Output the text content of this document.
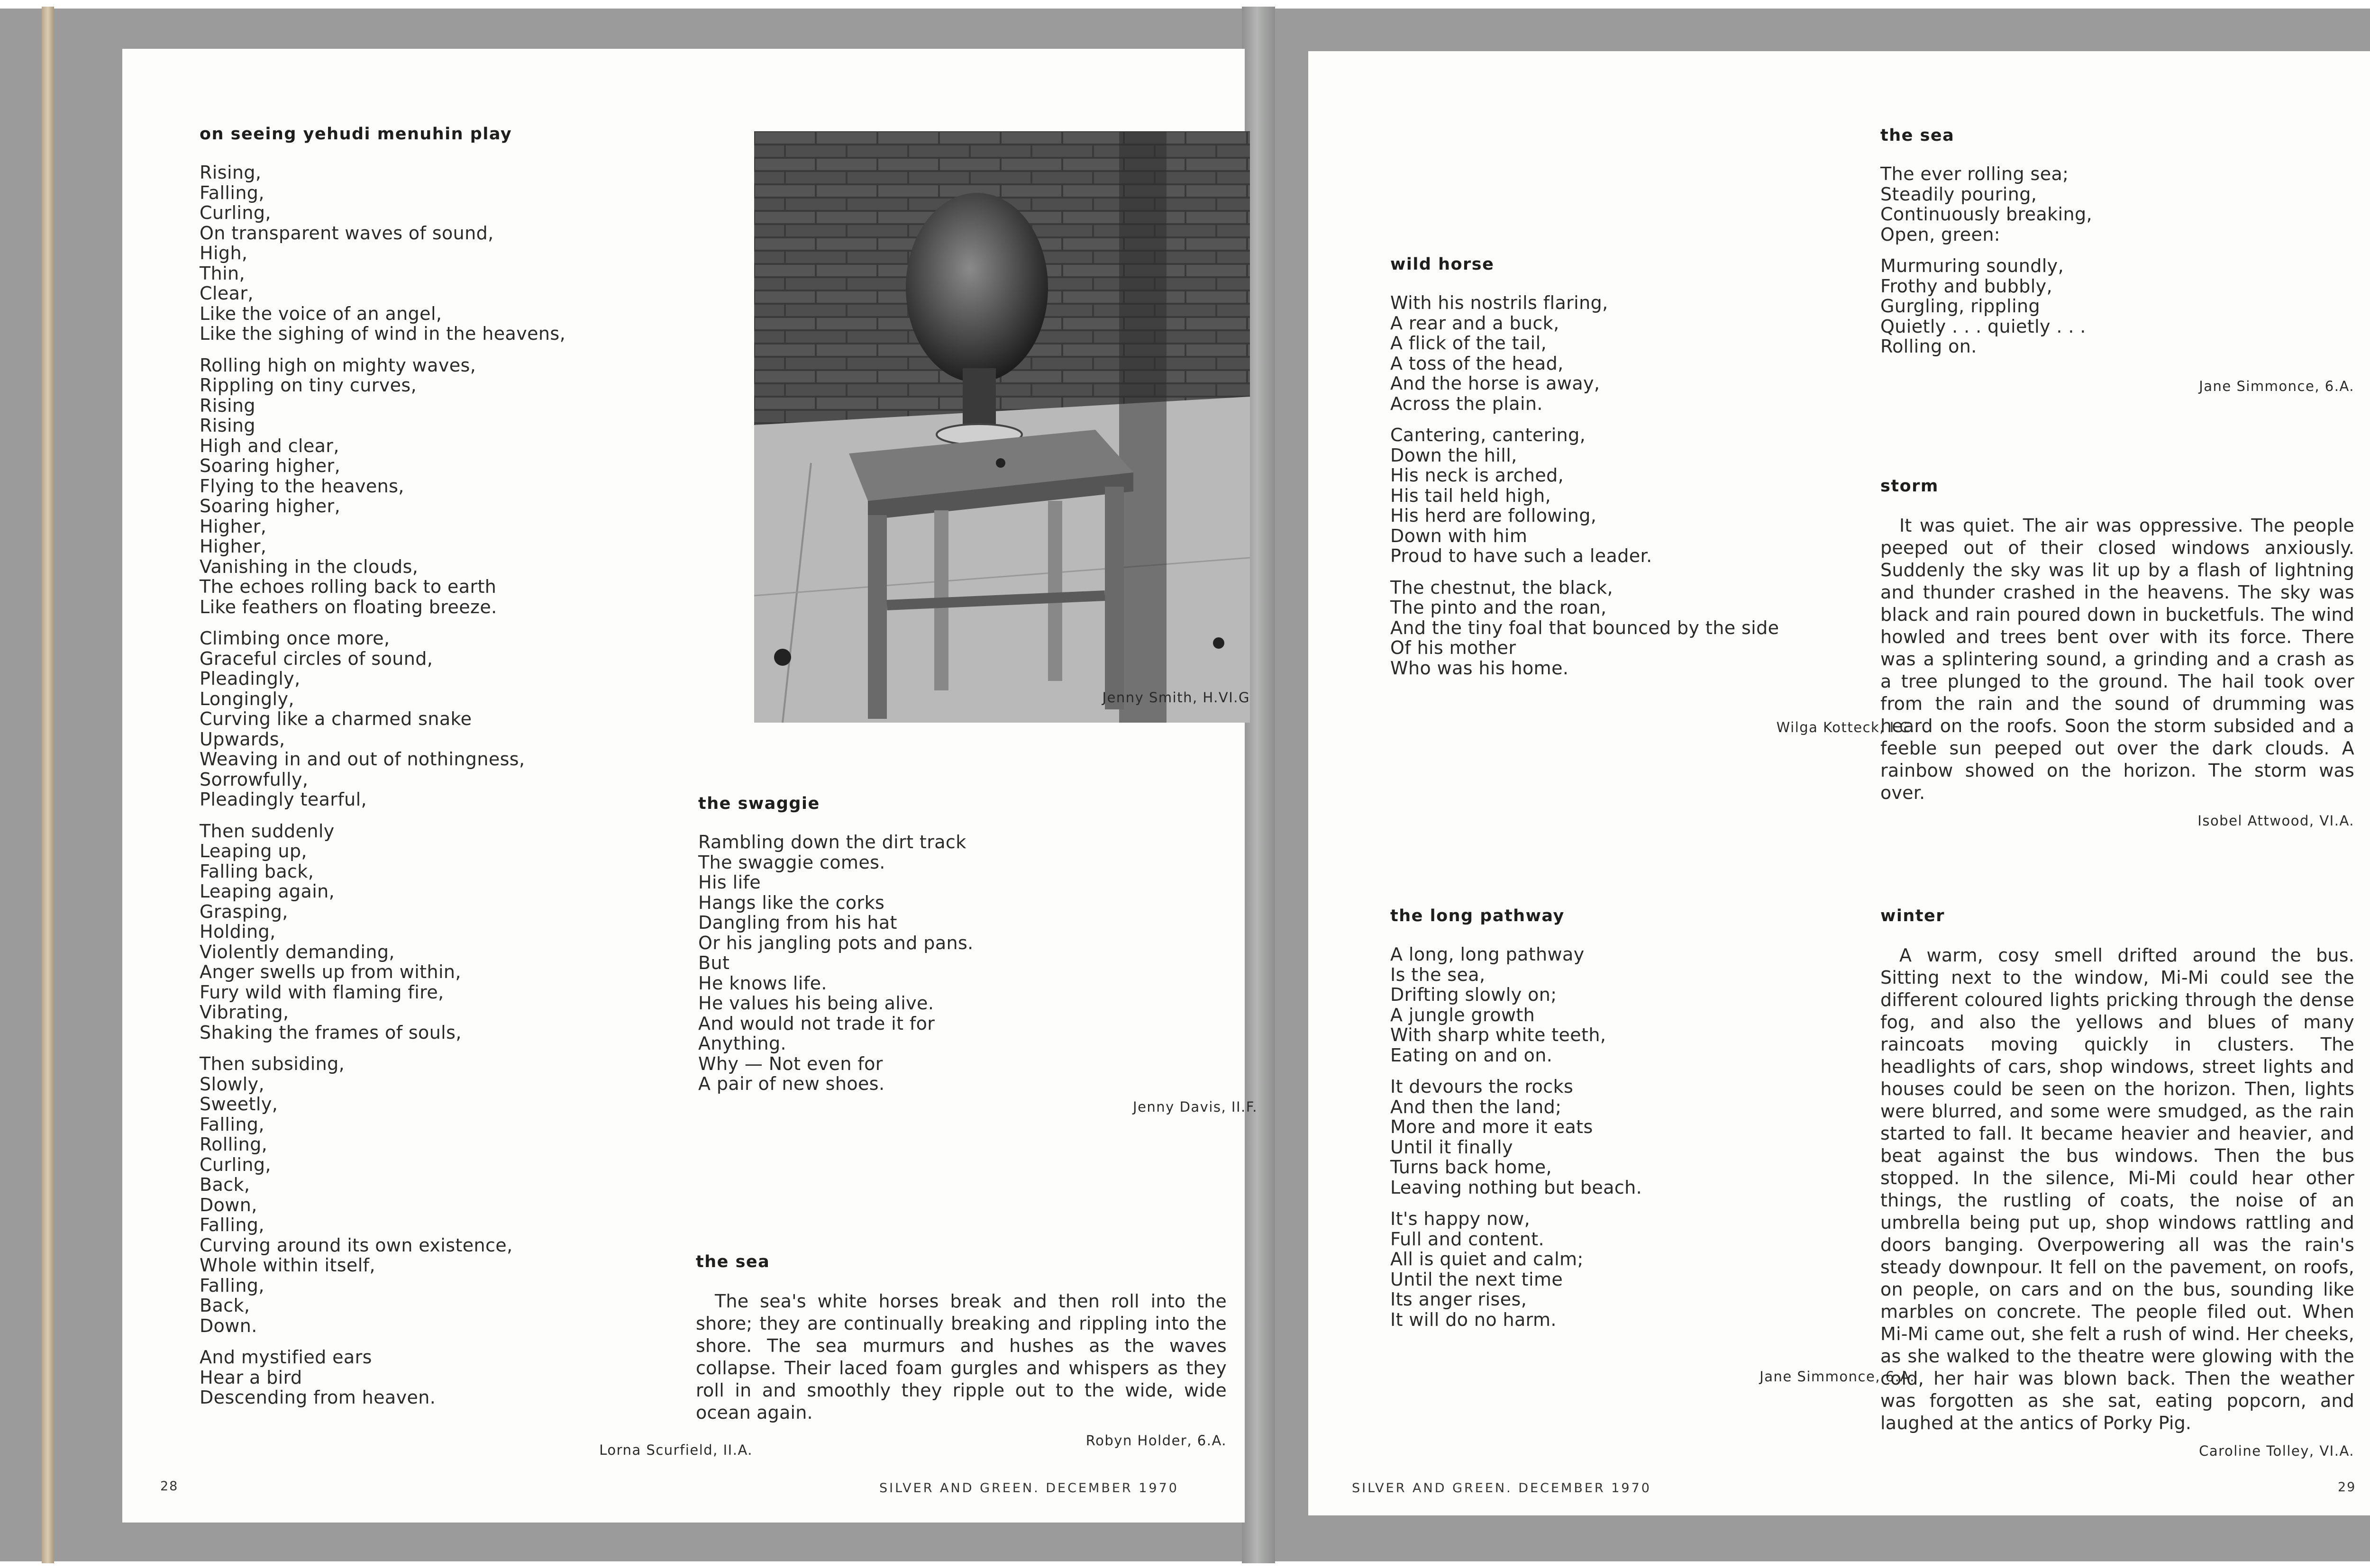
on seeing yehudi menuhin play
Rising,
Falling,
Curling,
On transparent waves of sound,
High,
Thin,
Clear,
Like the voice of an angel,
Like the sighing of wind in the heavens,
Rolling high on mighty waves,
Rippling on tiny curves,
Rising
Rising
High and clear,
Soaring higher,
Flying to the heavens,
Soaring higher,
Higher,
Higher,
Vanishing in the clouds,
The echoes rolling back to earth
Like feathers on floating breeze.
Climbing once more,
Graceful circles of sound,
Pleadingly,
Longingly,
Curving like a charmed snake
Upwards,
Weaving in and out of nothingness,
Sorrowfully,
Pleadingly tearful,
Then suddenly
Leaping up,
Falling back,
Leaping again,
Grasping,
Holding,
Violently demanding,
Anger swells up from within,
Fury wild with flaming fire,
Vibrating,
Shaking the frames of souls,
Then subsiding,
Slowly,
Sweetly,
Falling,
Rolling,
Curling,
Back,
Down,
Falling,
Curving around its own existence,
Whole within itself,
Falling,
Back,
Down.
And mystified ears
Hear a bird
Descending from heaven.
Lorna Scurfield, II.A.
Jenny Smith, H.VI.G
the swaggie
Rambling down the dirt track
The swaggie comes.
His life
Hangs like the corks
Dangling from his hat
Or his jangling pots and pans.
But
He knows life.
He values his being alive.
And would not trade it for
Anything.
Why — Not even for
A pair of new shoes.
Jenny Davis, II.F.
the sea

The sea's white horses break and then roll into the shore; they are continually breaking and rippling into the shore. The sea murmurs and hushes as the waves collapse. Their laced foam gurgles and whispers as they roll in and smoothly they ripple out to the wide, wide ocean again.

Robyn Holder, 6.A.
28	SILVER AND GREEN. DECEMBER 1970
wild horse
With his nostrils flaring,
A rear and a buck,
A flick of the tail,
A toss of the head,
And the horse is away,
Across the plain.
Cantering, cantering,
Down the hill,
His neck is arched,
His tail held high,
His herd are following,
Down with him
Proud to have such a leader.
The chestnut, the black,
The pinto and the roan,
And the tiny foal that bounced by the side
Of his mother
Who was his home.
Wilga Kotteck, I.C.
the long pathway
A long, long pathway
Is the sea,
Drifting slowly on;
A jungle growth
With sharp white teeth,
Eating on and on.
It devours the rocks
And then the land;
More and more it eats
Until it finally
Turns back home,
Leaving nothing but beach.
It's happy now,
Full and content.
All is quiet and calm;
Until the next time
Its anger rises,
It will do no harm.
Jane Simmonce, 6.A.
the sea
The ever rolling sea;
Steadily pouring,
Continuously breaking,
Open, green:
Murmuring soundly,
Frothy and bubbly,
Gurgling, rippling
Quietly . . . quietly . . .
Rolling on.
Jane Simmonce, 6.A.
storm

It was quiet. The air was oppressive. The people peeped out of their closed windows anxiously. Suddenly the sky was lit up by a flash of lightning and thunder crashed in the heavens. The sky was black and rain poured down in bucketfuls. The wind howled and trees bent over with its force. There was a splintering sound, a grinding and a crash as a tree plunged to the ground. The hail took over from the rain and the sound of drumming was heard on the roofs. Soon the storm subsided and a feeble sun peeped out over the dark clouds. A rainbow showed on the horizon. The storm was over.

Isobel Attwood, VI.A.
winter

A warm, cosy smell drifted around the bus. Sitting next to the window, Mi-Mi could see the different coloured lights pricking through the dense fog, and also the yellows and blues of many raincoats moving quickly in clusters. The headlights of cars, shop windows, street lights and houses could be seen on the horizon. Then, lights were blurred, and some were smudged, as the rain started to fall. It became heavier and heavier, and beat against the bus windows. Then the bus stopped. In the silence, Mi-Mi could hear other things, the rustling of coats, the noise of an umbrella being put up, shop windows rattling and doors banging. Overpowering all was the rain's steady downpour. It fell on the pavement, on roofs, on people, on cars and on the bus, sounding like marbles on concrete. The people filed out. When Mi-Mi came out, she felt a rush of wind. Her cheeks, as she walked to the theatre were glowing with the cold, her hair was blown back. Then the weather was forgotten as she sat, eating popcorn, and laughed at the antics of Porky Pig.

Caroline Tolley, VI.A.
SILVER AND GREEN. DECEMBER 1970	29
